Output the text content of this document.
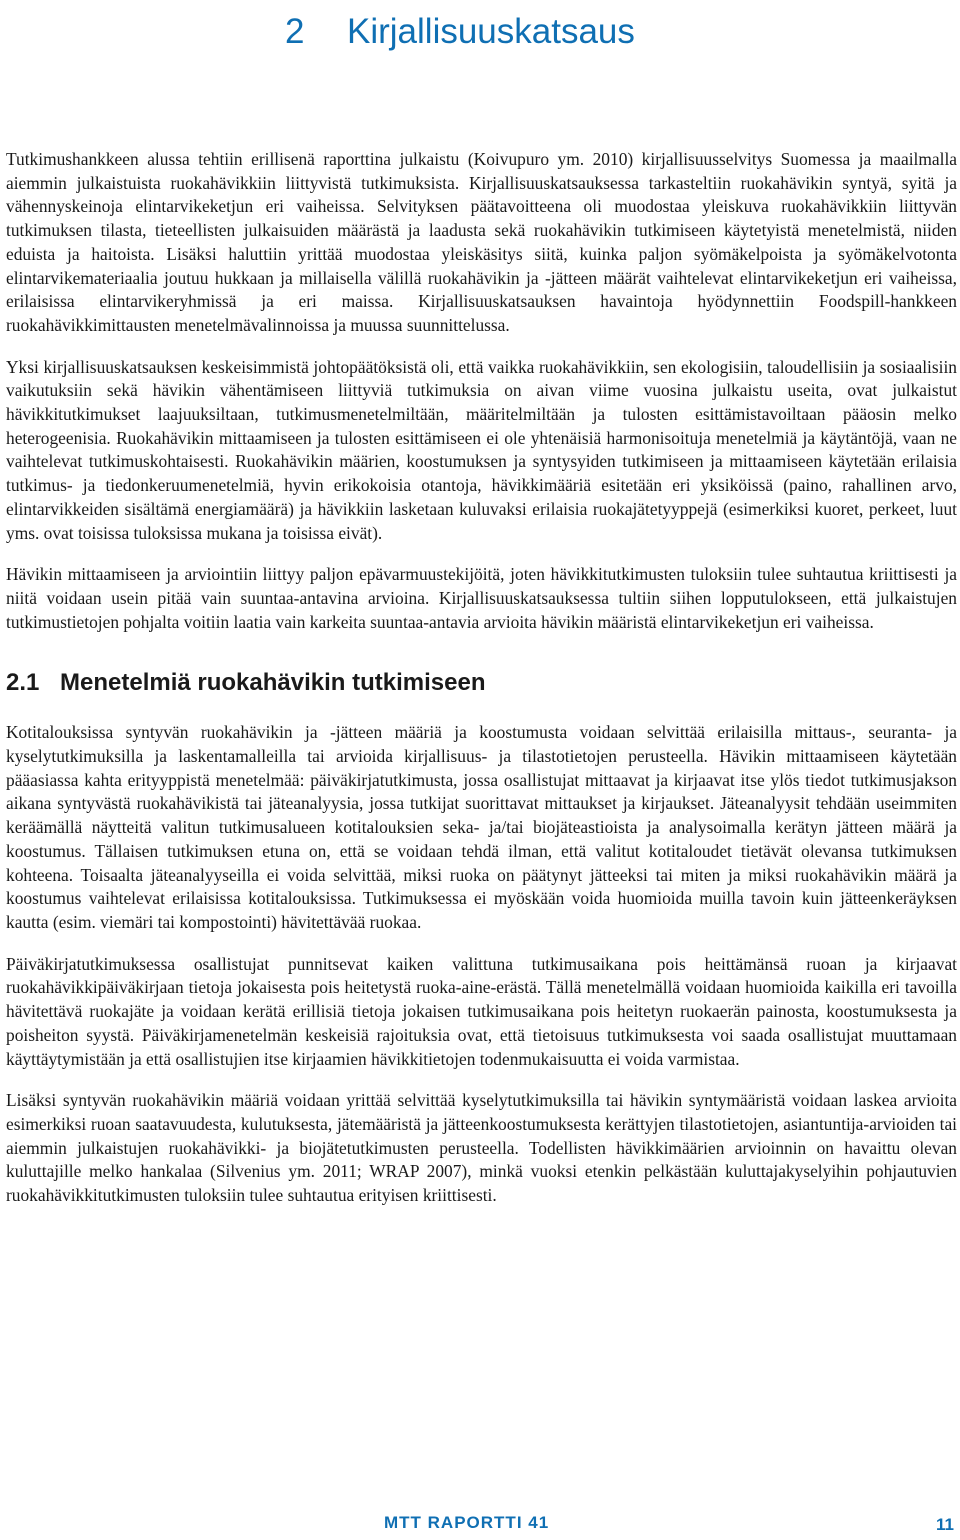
2 Kirjallisuuskatsaus

Tutkimushankkeen alussa tehtiin erillisenä raporttina julkaistu (Koivupuro ym. 2010) kirjallisuusselvitys Suomessa ja maailmalla aiemmin julkaistuista ruokahävikkiin liittyvistä tutkimuksista. Kirjallisuuskatsauksessa tarkasteltiin ruokahävikin syntyä, syitä ja vähennyskeinoja elintarvikeketjun eri vaiheissa. Selvityksen päätavoitteena oli muodostaa yleiskuva ruokahävikkiin liittyvän tutkimuksen tilasta, tieteellisten julkaisuiden määrästä ja laadusta sekä ruokahävikin tutkimiseen käytetyistä menetelmistä, niiden eduista ja haitoista. Lisäksi haluttiin yrittää muodostaa yleiskäsitys siitä, kuinka paljon syömäkelpoista ja syömäkelvotonta elintarvikemateriaalia joutuu hukkaan ja millaisella välillä ruokahävikin ja -jätteen määrät vaihtelevat elintarvikeketjun eri vaiheissa, erilaisissa elintarvikeryhmissä ja eri maissa. Kirjallisuuskatsauksen havaintoja hyödynnettiin Foodspill-hankkeen ruokahävikkimittausten menetelmävalinnoissa ja muussa suunnittelussa.

Yksi kirjallisuuskatsauksen keskeisimmistä johtopäätöksistä oli, että vaikka ruokahävikkiin, sen ekologisiin, taloudellisiin ja sosiaalisiin vaikutuksiin sekä hävikin vähentämiseen liittyviä tutkimuksia on aivan viime vuosina julkaistu useita, ovat julkaistut hävikkitutkimukset laajuuksiltaan, tutkimusmenetelmiltään, määritelmiltään ja tulosten esittämistavoiltaan pääosin melko heterogeenisia. Ruokahävikin mittaamiseen ja tulosten esittämiseen ei ole yhtenäisiä harmonisoituja menetelmiä ja käytäntöjä, vaan ne vaihtelevat tutkimuskohtaisesti. Ruokahävikin määrien, koostumuksen ja syntysyiden tutkimiseen ja mittaamiseen käytetään erilaisia tutkimus- ja tiedonkeruumenetelmiä, hyvin erikokoisia otantoja, hävikkimääriä esitetään eri yksiköissä (paino, rahallinen arvo, elintarvikkeiden sisältämä energiamäärä) ja hävikkiin lasketaan kuluvaksi erilaisia ruokajätetyyppejä (esimerkiksi kuoret, perkeet, luut yms. ovat toisissa tuloksissa mukana ja toisissa eivät).

Hävikin mittaamiseen ja arviointiin liittyy paljon epävarmuustekijöitä, joten hävikkitutkimusten tuloksiin tulee suhtautua kriittisesti ja niitä voidaan usein pitää vain suuntaa-antavina arvioina. Kirjallisuuskatsauksessa tultiin siihen lopputulokseen, että julkaistujen tutkimustietojen pohjalta voitiin laatia vain karkeita suuntaa-antavia arvioita hävikin määristä elintarvikeketjun eri vaiheissa.

2.1 Menetelmiä ruokahävikin tutkimiseen

Kotitalouksissa syntyvän ruokahävikin ja -jätteen määriä ja koostumusta voidaan selvittää erilaisilla mittaus-, seuranta- ja kyselytutkimuksilla ja laskentamalleilla tai arvioida kirjallisuus- ja tilastotietojen perusteella. Hävikin mittaamiseen käytetään pääasiassa kahta erityyppistä menetelmää: päiväkirjatutkimusta, jossa osallistujat mittaavat ja kirjaavat itse ylös tiedot tutkimusjakson aikana syntyvästä ruokahävikistä tai jäteanalyysia, jossa tutkijat suorittavat mittaukset ja kirjaukset. Jäteanalyysit tehdään useimmiten keräämällä näytteitä valitun tutkimusalueen kotitalouksien seka- ja/tai biojäteastioista ja analysoimalla kerätyn jätteen määrä ja koostumus. Tällaisen tutkimuksen etuna on, että se voidaan tehdä ilman, että valitut kotitaloudet tietävät olevansa tutkimuksen kohteena. Toisaalta jäteanalyyseilla ei voida selvittää, miksi ruoka on päätynyt jätteeksi tai miten ja miksi ruokahävikin määrä ja koostumus vaihtelevat erilaisissa kotitalouksissa. Tutkimuksessa ei myöskään voida huomioida muilla tavoin kuin jätteenkeräyksen kautta (esim. viemäri tai kompostointi) hävitettävää ruokaa.

Päiväkirjatutkimuksessa osallistujat punnitsevat kaiken valittuna tutkimusaikana pois heittämänsä ruoan ja kirjaavat ruokahävikkipäiväkirjaan tietoja jokaisesta pois heitetystä ruoka-aine-erästä. Tällä menetelmällä voidaan huomioida kaikilla eri tavoilla hävitettävä ruokajäte ja voidaan kerätä erillisiä tietoja jokaisen tutkimusaikana pois heitetyn ruokaerän painosta, koostumuksesta ja poisheiton syystä. Päiväkirjamenetelmän keskeisiä rajoituksia ovat, että tietoisuus tutkimuksesta voi saada osallistujat muuttamaan käyttäytymistään ja että osallistujien itse kirjaamien hävikkitietojen todenmukaisuutta ei voida varmistaa.

Lisäksi syntyvän ruokahävikin määriä voidaan yrittää selvittää kyselytutkimuksilla tai hävikin syntymääristä voidaan laskea arvioita esimerkiksi ruoan saatavuudesta, kulutuksesta, jätemääristä ja jätteenkoostumuksesta kerättyjen tilastotietojen, asiantuntija-arvioiden tai aiemmin julkaistujen ruokahävikki- ja biojätetutkimusten perusteella. Todellisten hävikkimäärien arvioinnin on havaittu olevan kuluttajille melko hankalaa (Silvenius ym. 2011; WRAP 2007), minkä vuoksi etenkin pelkästään kuluttajakyselyihin pohjautuvien ruokahävikkitutkimusten tuloksiin tulee suhtautua erityisen kriittisesti.

MTT RAPORTTI 41	11
